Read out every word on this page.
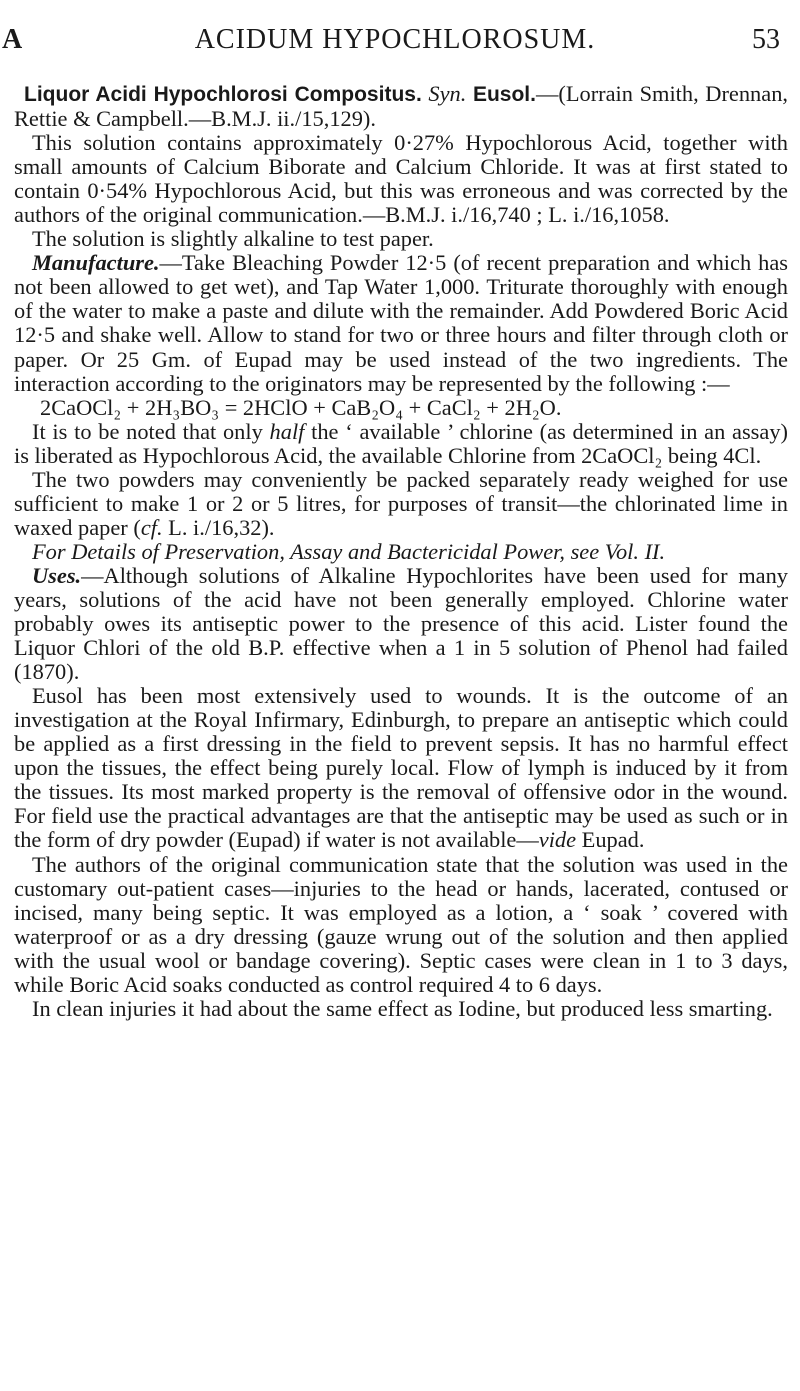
A	ACIDUM HYPOCHLOROSUM.	53

Liquor Acidi Hypochlorosi Compositus. Syn. Eusol.—(Lorrain Smith, Drennan, Rettie & Campbell.—B.M.J. ii./15,129).

This solution contains approximately 0·27% Hypochlorous Acid, together with small amounts of Calcium Biborate and Calcium Chloride. It was at first stated to contain 0·54% Hypochlorous Acid, but this was erroneous and was corrected by the authors of the original communication.—B.M.J. i./16,740 ; L. i./16,1058.

The solution is slightly alkaline to test paper.

Manufacture.—Take Bleaching Powder 12·5 (of recent preparation and which has not been allowed to get wet), and Tap Water 1,000. Triturate thoroughly with enough of the water to make a paste and dilute with the remainder. Add Powdered Boric Acid 12·5 and shake well. Allow to stand for two or three hours and filter through cloth or paper. Or 25 Gm. of Eupad may be used instead of the two ingredients. The interaction according to the originators may be represented by the following :—

2CaOCl₂ + 2H₃BO₃ = 2HClO + CaB₂O₄ + CaCl₂ + 2H₂O.

It is to be noted that only half the ‘ available ’ chlorine (as determined in an assay) is liberated as Hypochlorous Acid, the available Chlorine from 2CaOCl₂ being 4Cl.

The two powders may conveniently be packed separately ready weighed for use sufficient to make 1 or 2 or 5 litres, for purposes of transit—the chlorinated lime in waxed paper (cf. L. i./16,32).

For Details of Preservation, Assay and Bactericidal Power, see Vol. II.

Uses.—Although solutions of Alkaline Hypochlorites have been used for many years, solutions of the acid have not been generally employed. Chlorine water probably owes its antiseptic power to the presence of this acid. Lister found the Liquor Chlori of the old B.P. effective when a 1 in 5 solution of Phenol had failed (1870).

Eusol has been most extensively used to wounds. It is the outcome of an investigation at the Royal Infirmary, Edinburgh, to prepare an antiseptic which could be applied as a first dressing in the field to prevent sepsis. It has no harmful effect upon the tissues, the effect being purely local. Flow of lymph is induced by it from the tissues. Its most marked property is the removal of offensive odor in the wound. For field use the practical advantages are that the antiseptic may be used as such or in the form of dry powder (Eupad) if water is not available—vide Eupad.

The authors of the original communication state that the solution was used in the customary out-patient cases—injuries to the head or hands, lacerated, contused or incised, many being septic. It was employed as a lotion, a ‘ soak ’ covered with waterproof or as a dry dressing (gauze wrung out of the solution and then applied with the usual wool or bandage covering). Septic cases were clean in 1 to 3 days, while Boric Acid soaks conducted as control required 4 to 6 days.

In clean injuries it had about the same effect as Iodine, but produced less smarting.
